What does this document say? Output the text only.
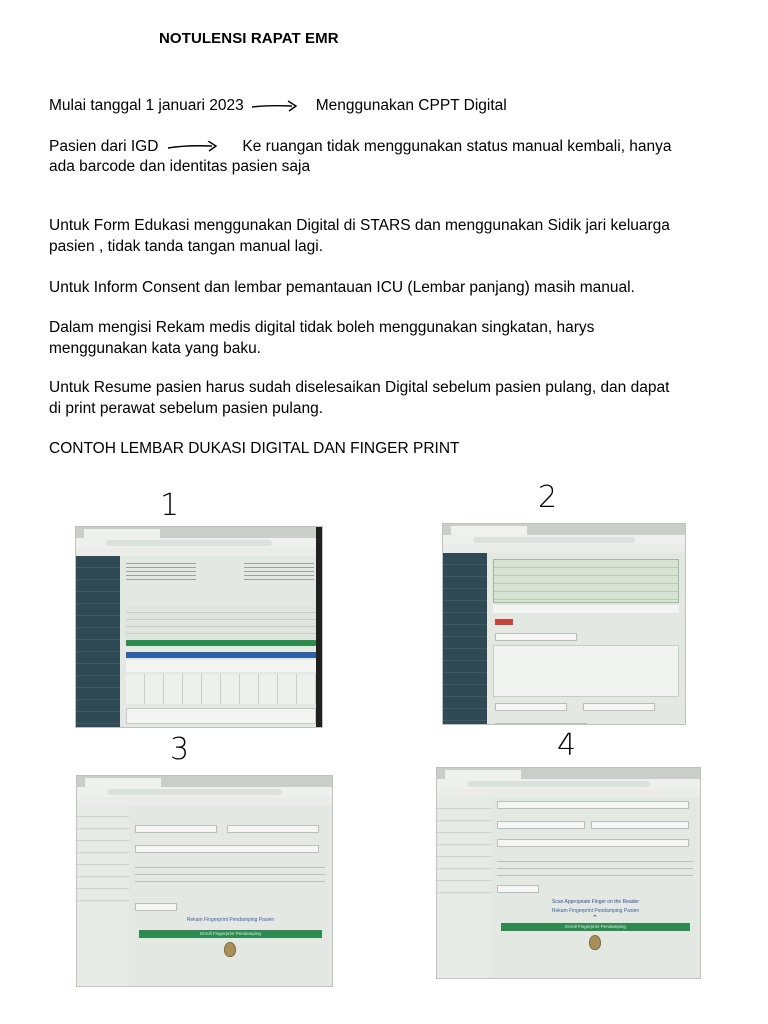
NOTULENSI RAPAT EMR
Mulai tanggal 1 januari 2023	Menggunakan CPPT Digital
Pasien dari IGD	Ke ruangan tidak menggunakan status manual kembali, hanya
ada barcode dan identitas pasien saja
Untuk Form Edukasi menggunakan Digital di STARS dan menggunakan Sidik jari keluarga
pasien , tidak tanda tangan manual lagi.
Untuk Inform Consent dan lembar pemantauan ICU (Lembar panjang) masih manual.
Dalam mengisi Rekam medis digital tidak boleh menggunakan singkatan, harys
menggunakan kata yang baku.
Untuk Resume pasien harus sudah diselesaikan Digital sebelum pasien pulang, dan dapat
di print perawat sebelum pasien pulang.
CONTOH LEMBAR DUKASI DIGITAL DAN FINGER PRINT
1	2
3	4
Rekam Fingerprint Pendamping Pasien
Enroll Fingerprint Pendamping
Scan Appropriate Finger on the Reader
Rekam Fingerprint Pendamping Pasien
⌃
Enroll Fingerprint Pendamping
